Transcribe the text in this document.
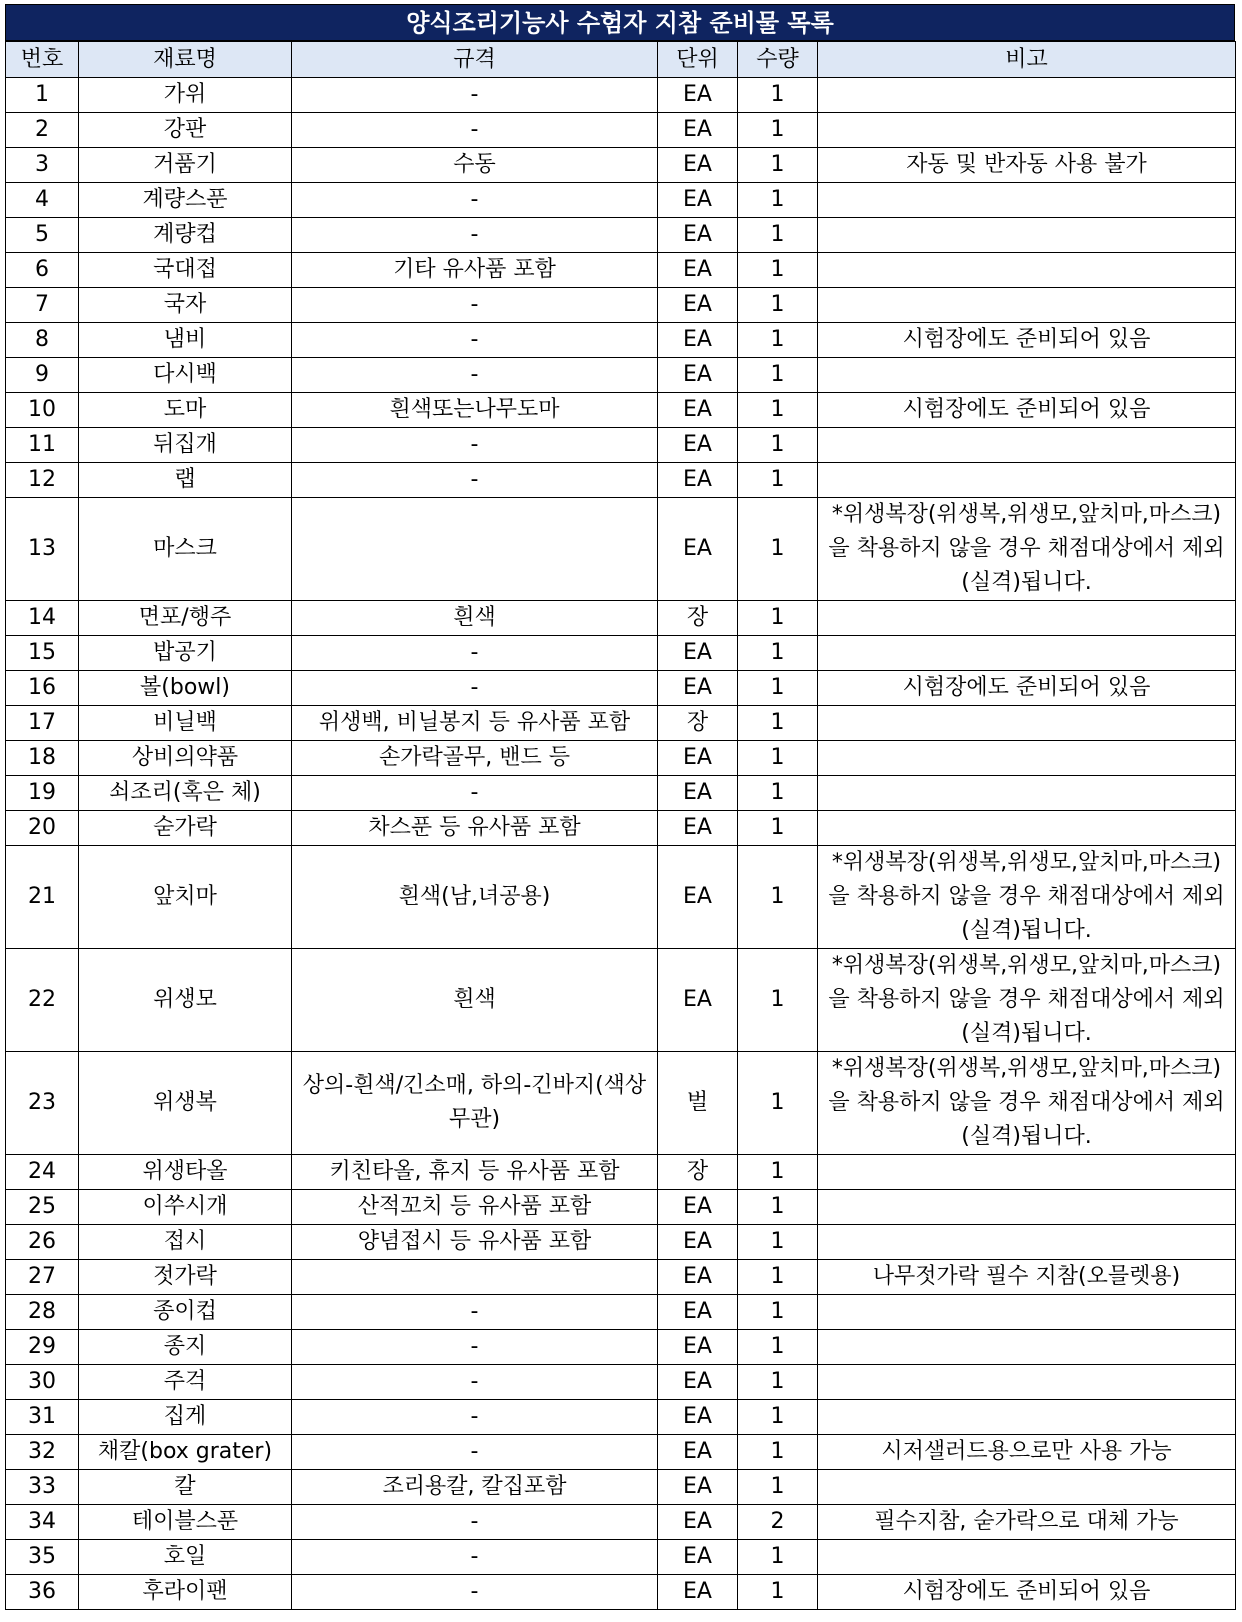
양식조리기능사 수험자 지참 준비물 목록
번호	재료명	규격	단위	수량	비고
1	가위	-	EA	1	
2	강판	-	EA	1	
3	거품기	수동	EA	1	자동 및 반자동 사용 불가
4	계량스푼	-	EA	1	
5	계량컵	-	EA	1	
6	국대접	기타 유사품 포함	EA	1	
7	국자	-	EA	1	
8	냄비	-	EA	1	시험장에도 준비되어 있음
9	다시백	-	EA	1	
10	도마	흰색또는나무도마	EA	1	시험장에도 준비되어 있음
11	뒤집개	-	EA	1	
12	랩	-	EA	1	
13	마스크		EA	1	*위생복장(위생복,위생모,앞치마,마스크)을 착용하지 않을 경우 채점대상에서 제외(실격)됩니다.
14	면포/행주	흰색	장	1	
15	밥공기	-	EA	1	
16	볼(bowl)	-	EA	1	시험장에도 준비되어 있음
17	비닐백	위생백, 비닐봉지 등 유사품 포함	장	1	
18	상비의약품	손가락골무, 밴드 등	EA	1	
19	쇠조리(혹은 체)	-	EA	1	
20	숟가락	차스푼 등 유사품 포함	EA	1	
21	앞치마	흰색(남,녀공용)	EA	1	*위생복장(위생복,위생모,앞치마,마스크)을 착용하지 않을 경우 채점대상에서 제외(실격)됩니다.
22	위생모	흰색	EA	1	*위생복장(위생복,위생모,앞치마,마스크)을 착용하지 않을 경우 채점대상에서 제외(실격)됩니다.
23	위생복	상의-흰색/긴소매, 하의-긴바지(색상무관)	벌	1	*위생복장(위생복,위생모,앞치마,마스크)을 착용하지 않을 경우 채점대상에서 제외(실격)됩니다.
24	위생타올	키친타올, 휴지 등 유사품 포함	장	1	
25	이쑤시개	산적꼬치 등 유사품 포함	EA	1	
26	접시	양념접시 등 유사품 포함	EA	1	
27	젓가락		EA	1	나무젓가락 필수 지참(오믈렛용)
28	종이컵	-	EA	1	
29	종지	-	EA	1	
30	주걱	-	EA	1	
31	집게	-	EA	1	
32	채칼(box grater)	-	EA	1	시저샐러드용으로만 사용 가능
33	칼	조리용칼, 칼집포함	EA	1	
34	테이블스푼	-	EA	2	필수지참, 숟가락으로 대체 가능
35	호일	-	EA	1	
36	후라이팬	-	EA	1	시험장에도 준비되어 있음
